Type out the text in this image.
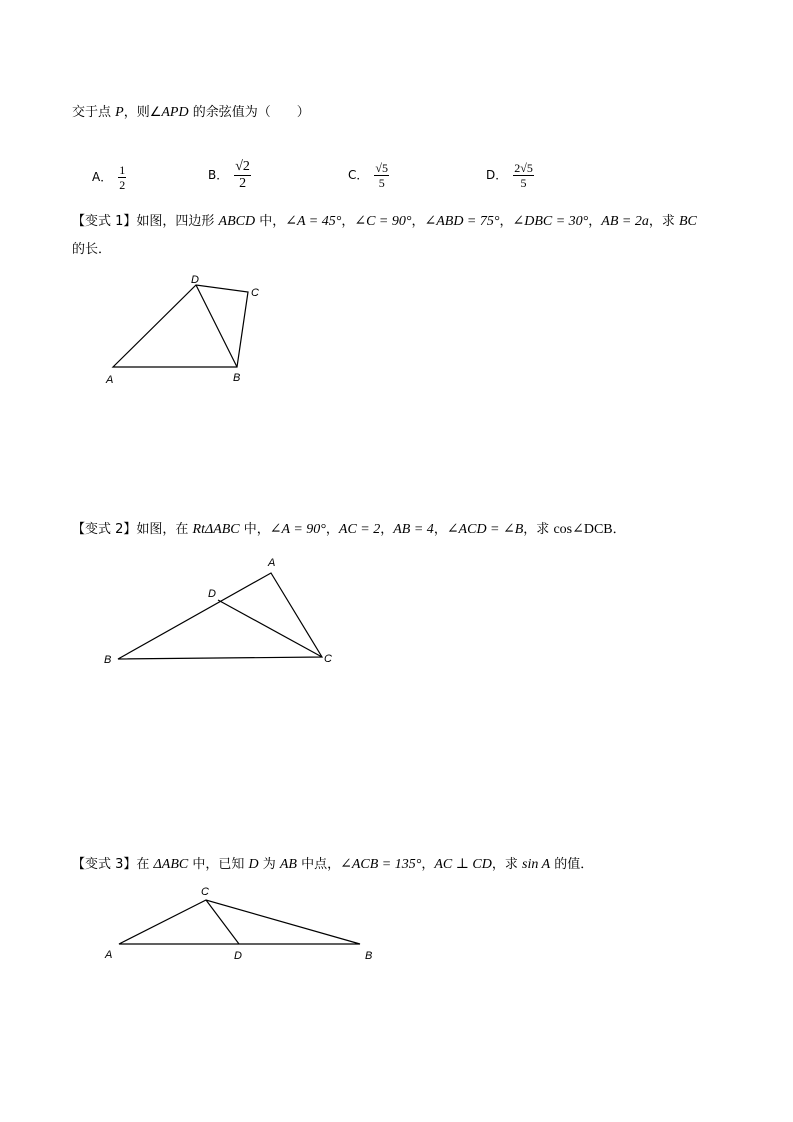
交于点 P，则∠APD 的余弦值为（　　）
A． $\frac{1}{2}$	B． $\frac{√2}{2}$	C． $\frac{√5}{5}$	D． $\frac{2√5}{5}$
【变式 1】如图，四边形 ABCD 中，∠A = 45°，∠C = 90°，∠ABD = 75°，∠DBC = 30°，AB = 2a，求 BC
的长．
A	B
C
D
【变式 2】如图，在 RtΔABC 中，∠A = 90°，AC = 2，AB = 4，∠ACD = ∠B，求 cos∠DCB．
A
B	C
D
【变式 3】在 ΔABC 中，已知 D 为 AB 中点，∠ACB = 135°，AC ⊥ CD，求 sin A 的值．
A	B
C
D
